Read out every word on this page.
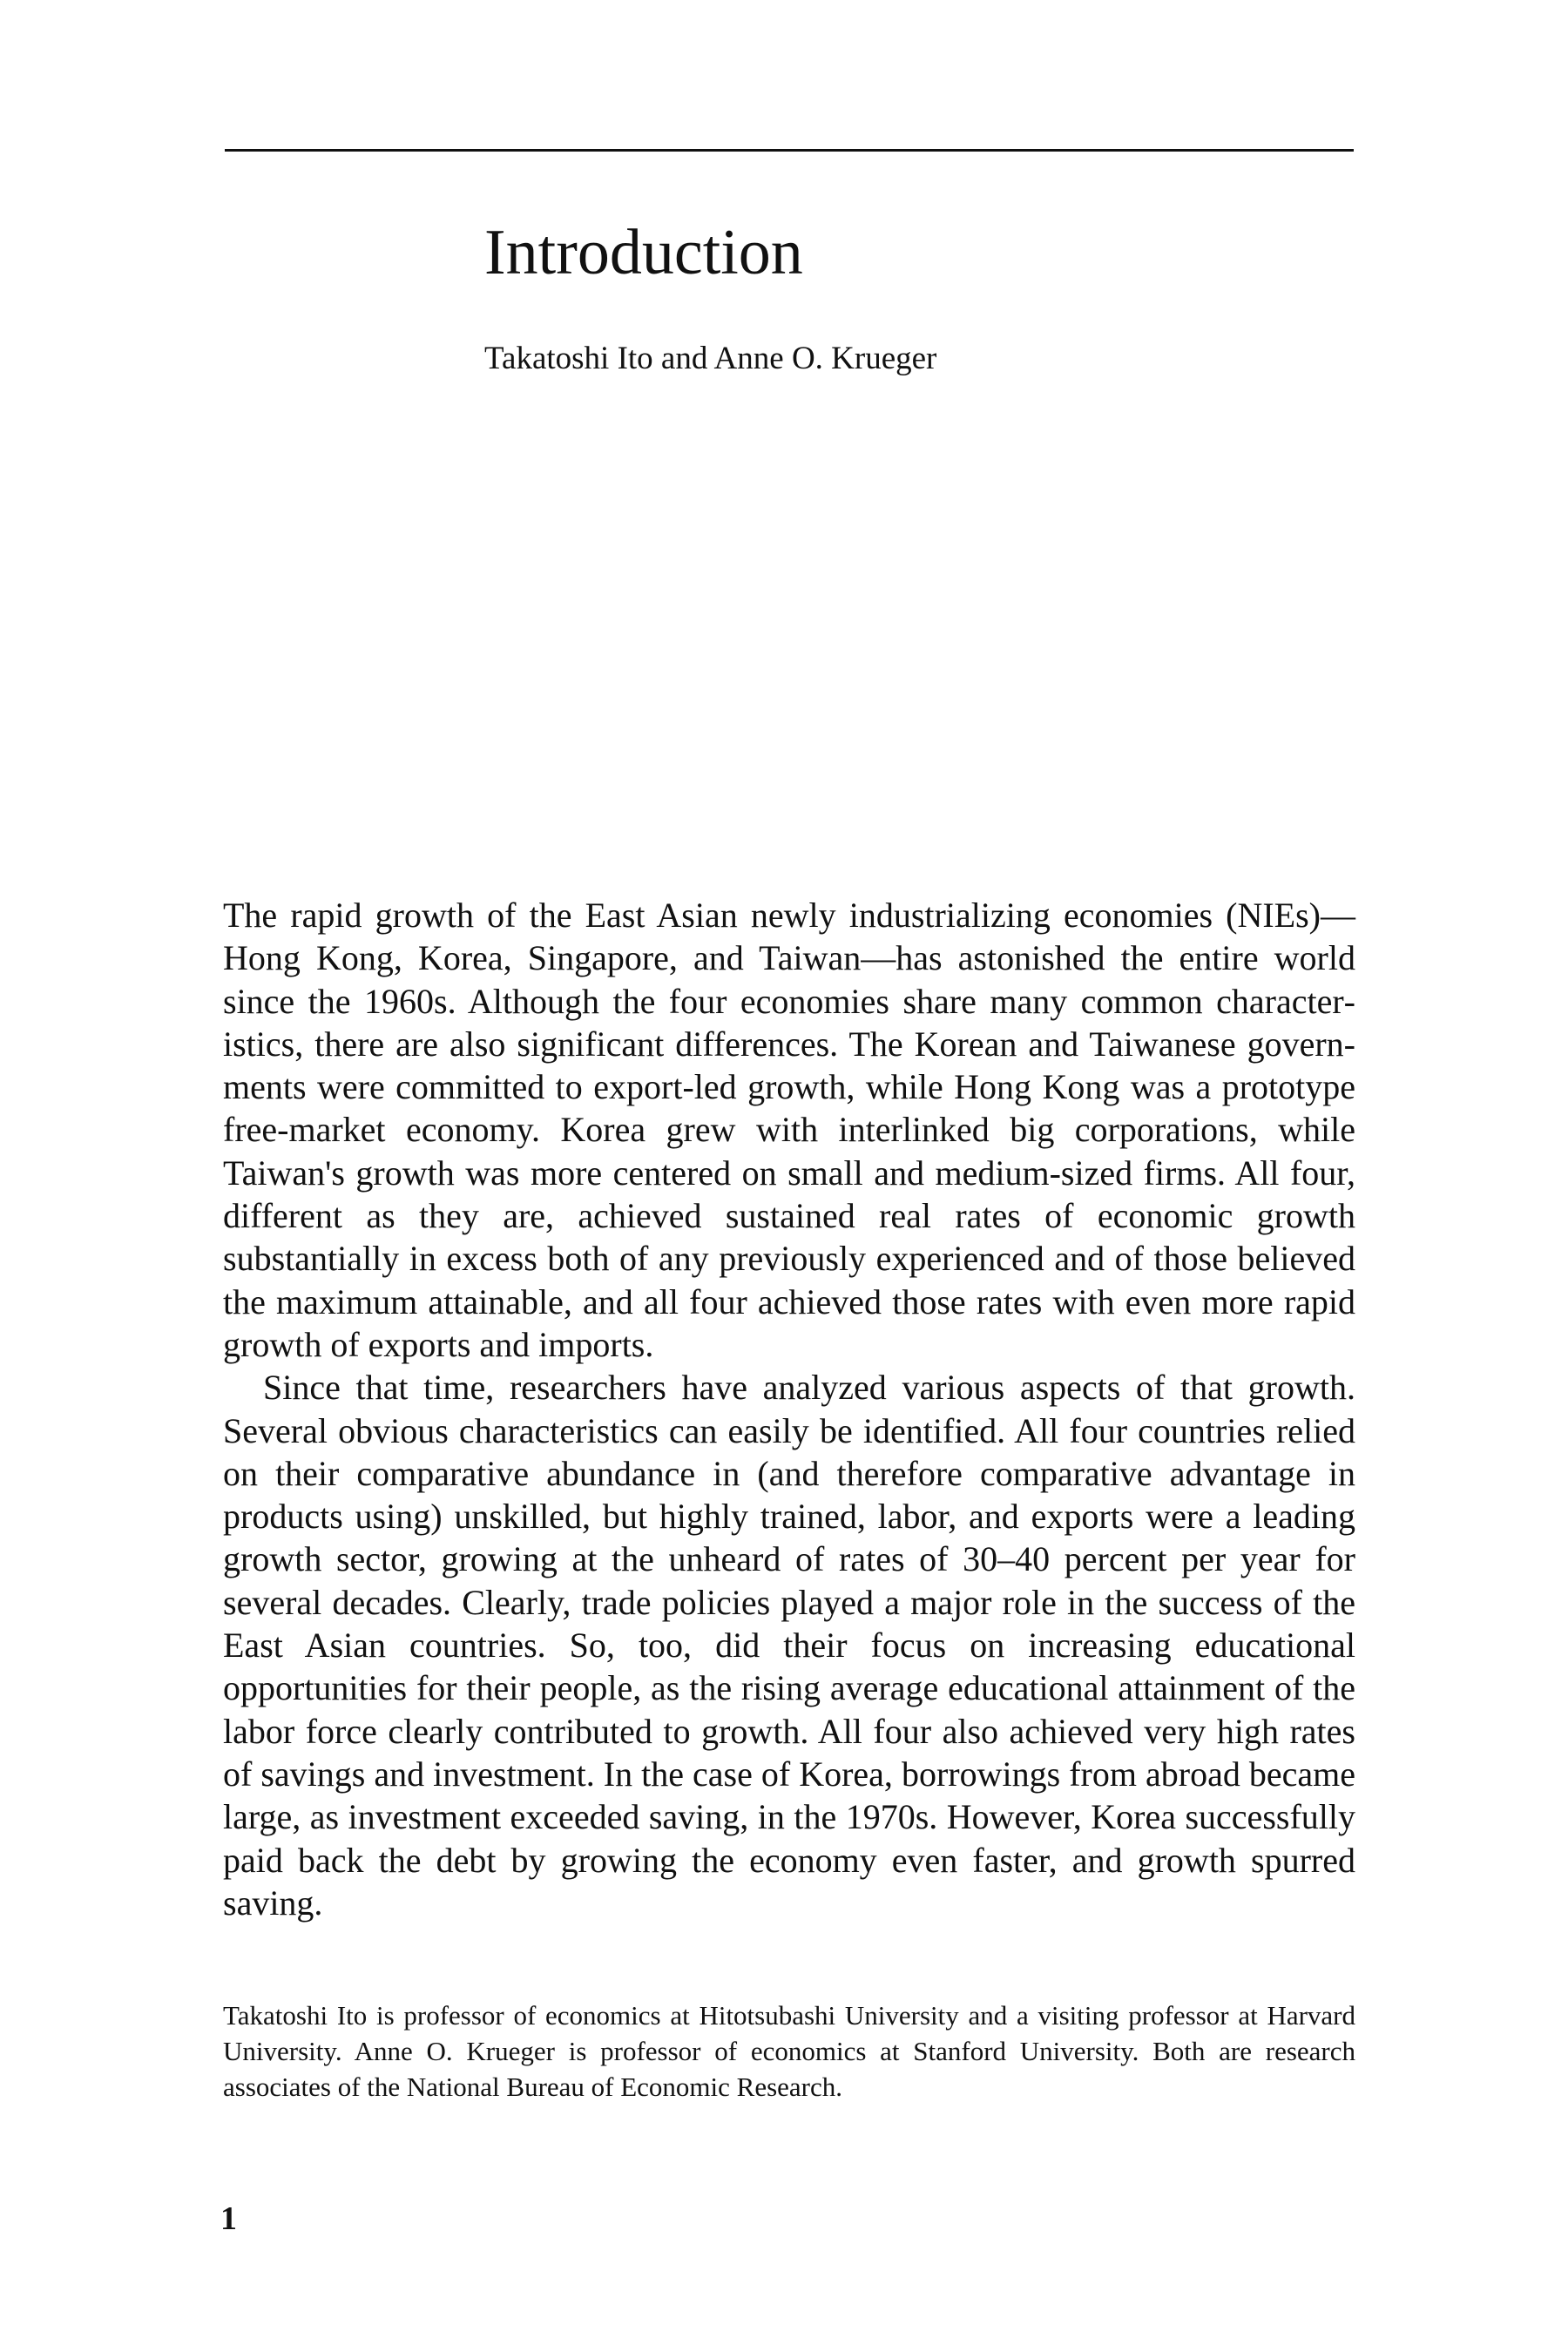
Introduction

Takatoshi Ito and Anne O. Krueger

The rapid growth of the East Asian newly industrializing economies (NIEs)— Hong Kong, Korea, Singapore, and Taiwan—has astonished the entire world since the 1960s. Although the four economies share many common characteristics, there are also significant differences. The Korean and Taiwanese governments were committed to export-led growth, while Hong Kong was a prototype free-market economy. Korea grew with interlinked big corporations, while Taiwan's growth was more centered on small and medium-sized firms. All four, different as they are, achieved sustained real rates of economic growth substantially in excess both of any previously experienced and of those believed the maximum attainable, and all four achieved those rates with even more rapid growth of exports and imports.

Since that time, researchers have analyzed various aspects of that growth. Several obvious characteristics can easily be identified. All four countries relied on their comparative abundance in (and therefore comparative advantage in products using) unskilled, but highly trained, labor, and exports were a leading growth sector, growing at the unheard of rates of 30–40 percent per year for several decades. Clearly, trade policies played a major role in the success of the East Asian countries. So, too, did their focus on increasing educational opportunities for their people, as the rising average educational attainment of the labor force clearly contributed to growth. All four also achieved very high rates of savings and investment. In the case of Korea, borrowings from abroad became large, as investment exceeded saving, in the 1970s. However, Korea successfully paid back the debt by growing the economy even faster, and growth spurred saving.

Takatoshi Ito is professor of economics at Hitotsubashi University and a visiting professor at Harvard University. Anne O. Krueger is professor of economics at Stanford University. Both are research associates of the National Bureau of Economic Research.

1
